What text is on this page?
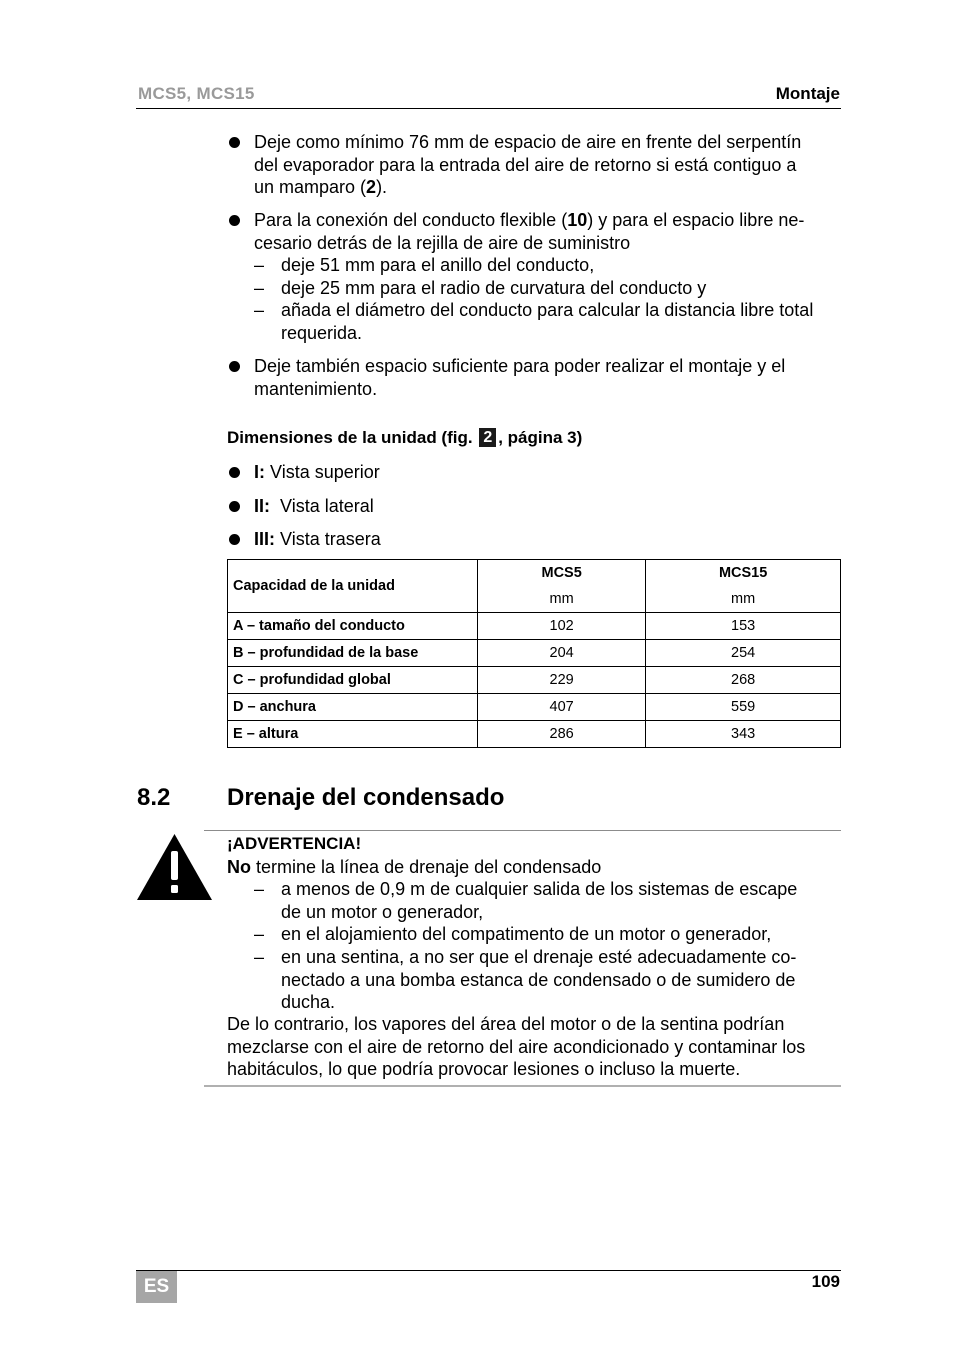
MCS5, MCS15	Montaje
Deje como mínimo 76 mm de espacio de aire en frente del serpentín
del evaporador para la entrada del aire de retorno si está contiguo a
un mamparo (2).
Para la conexión del conducto flexible (10) y para el espacio libre ne-
cesario detrás de la rejilla de aire de suministro
– deje 51 mm para el anillo del conducto,
– deje 25 mm para el radio de curvatura del conducto y
– añada el diámetro del conducto para calcular la distancia libre total
requerida.
Deje también espacio suficiente para poder realizar el montaje y el
mantenimiento.
Dimensiones de la unidad (fig. 2 , página 3)
I: Vista superior
II: Vista lateral
III: Vista trasera
Capacidad de la unidad	MCS5	MCS15
	mm	mm
A – tamaño del conducto	102	153
B – profundidad de la base	204	254
C – profundidad global	229	268
D – anchura	407	559
E – altura	286	343
8.2 Drenaje del condensado
¡ADVERTENCIA!
No termine la línea de drenaje del condensado
– a menos de 0,9 m de cualquier salida de los sistemas de escape
de un motor o generador,
– en el alojamiento del compatimento de un motor o generador,
– en una sentina, a no ser que el drenaje esté adecuadamente co-
nectado a una bomba estanca de condensado o de sumidero de
ducha.
De lo contrario, los vapores del área del motor o de la sentina podrían
mezclarse con el aire de retorno del aire acondicionado y contaminar los
habitáculos, lo que podría provocar lesiones o incluso la muerte.
ES	109
